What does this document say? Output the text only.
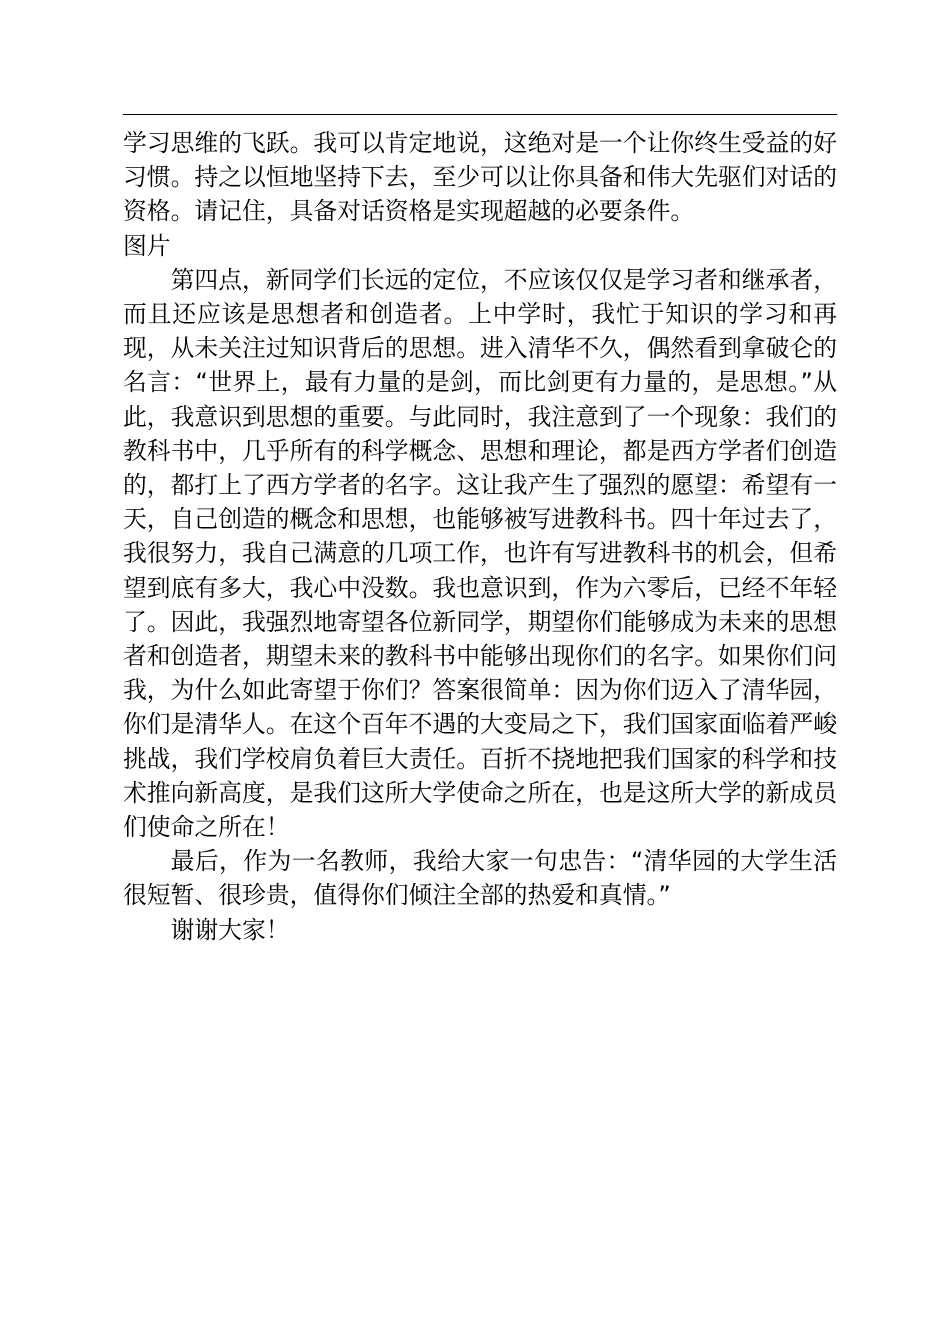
学习思维的飞跃。我可以肯定地说，这绝对是一个让你终生受益的好习惯。持之以恒地坚持下去，至少可以让你具备和伟大先驱们对话的资格。请记住，具备对话资格是实现超越的必要条件。

图片

第四点，新同学们长远的定位，不应该仅仅是学习者和继承者，而且还应该是思想者和创造者。上中学时，我忙于知识的学习和再现，从未关注过知识背后的思想。进入清华不久，偶然看到拿破仑的名言：“世界上，最有力量的是剑，而比剑更有力量的，是思想。”从此，我意识到思想的重要。与此同时，我注意到了一个现象：我们的教科书中，几乎所有的科学概念、思想和理论，都是西方学者们创造的，都打上了西方学者的名字。这让我产生了强烈的愿望：希望有一天，自己创造的概念和思想，也能够被写进教科书。四十年过去了，我很努力，我自己满意的几项工作，也许有写进教科书的机会，但希望到底有多大，我心中没数。我也意识到，作为六零后，已经不年轻了。因此，我强烈地寄望各位新同学，期望你们能够成为未来的思想者和创造者，期望未来的教科书中能够出现你们的名字。如果你们问我，为什么如此寄望于你们？答案很简单：因为你们迈入了清华园，你们是清华人。在这个百年不遇的大变局之下，我们国家面临着严峻挑战，我们学校肩负着巨大责任。百折不挠地把我们国家的科学和技术推向新高度，是我们这所大学使命之所在，也是这所大学的新成员们使命之所在！

最后，作为一名教师，我给大家一句忠告：“清华园的大学生活很短暂、很珍贵，值得你们倾注全部的热爱和真情。”

谢谢大家！
